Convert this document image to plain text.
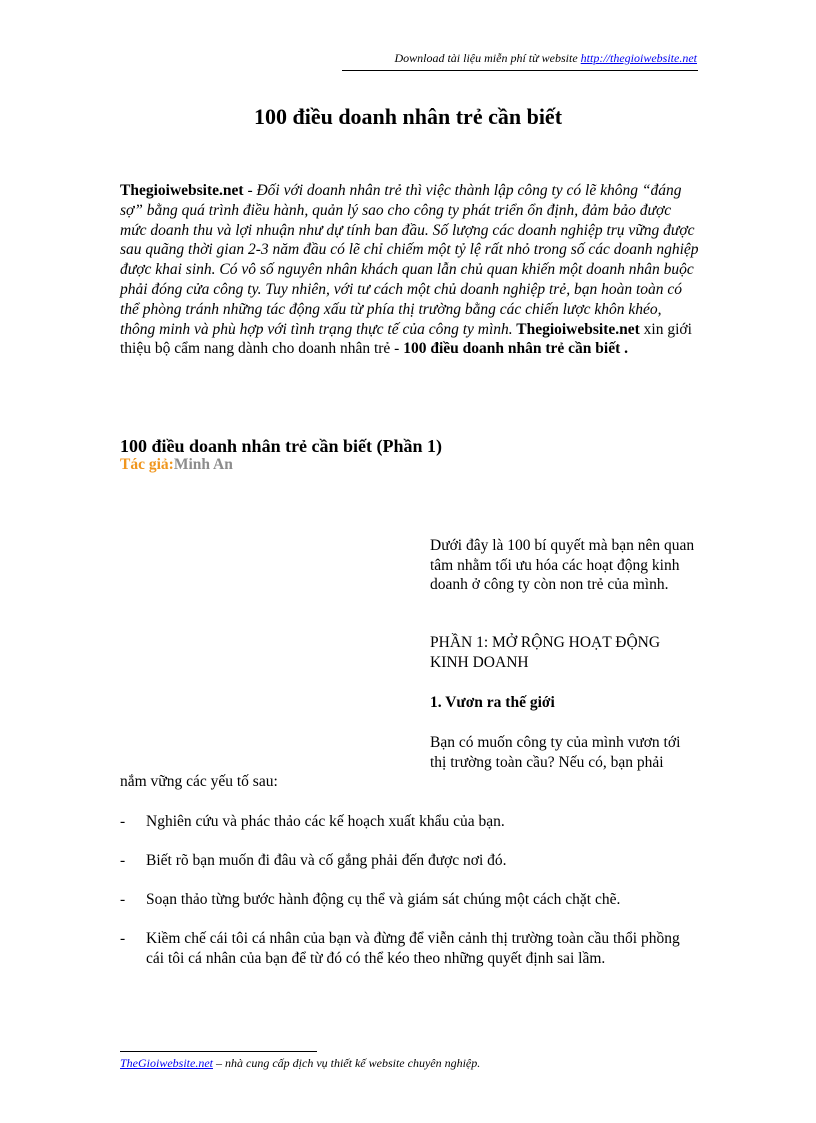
Download tài liệu miễn phí từ website http://thegioiwebsite.net
100 điều doanh nhân trẻ cần biết

Thegioiwebsite.net - Đối với doanh nhân trẻ thì việc thành lập công ty có lẽ không “đáng sợ” bằng quá trình điều hành, quản lý sao cho công ty phát triển ổn định, đảm bảo được mức doanh thu và lợi nhuận như dự tính ban đầu. Số lượng các doanh nghiệp trụ vững được sau quãng thời gian 2-3 năm đầu có lẽ chỉ chiếm một tỷ lệ rất nhỏ trong số các doanh nghiệp được khai sinh. Có vô số nguyên nhân khách quan lẫn chủ quan khiến một doanh nhân buộc phải đóng cửa công ty. Tuy nhiên, với tư cách một chủ doanh nghiệp trẻ, bạn hoàn toàn có thể phòng tránh những tác động xấu từ phía thị trường bằng các chiến lược khôn khéo, thông minh và phù hợp với tình trạng thực tế của công ty mình. Thegioiwebsite.net xin giới thiệu bộ cẩm nang dành cho doanh nhân trẻ - 100 điều doanh nhân trẻ cần biết .

100 điều doanh nhân trẻ cần biết (Phần 1)
Tác giả:Minh An

Dưới đây là 100 bí quyết mà bạn nên quan tâm nhằm tối ưu hóa các hoạt động kinh doanh ở công ty còn non trẻ của mình.

PHẦN 1: MỞ RỘNG HOẠT ĐỘNG KINH DOANH

1. Vươn ra thế giới

Bạn có muốn công ty của mình vươn tới thị trường toàn cầu? Nếu có, bạn phải

nắm vững các yếu tố sau:
- Nghiên cứu và phác thảo các kế hoạch xuất khẩu của bạn.
- Biết rõ bạn muốn đi đâu và cố gắng phải đến được nơi đó.
- Soạn thảo từng bước hành động cụ thể và giám sát chúng một cách chặt chẽ.
- Kiềm chế cái tôi cá nhân của bạn và đừng để viễn cảnh thị trường toàn cầu thổi phồng cái tôi cá nhân của bạn để từ đó có thể kéo theo những quyết định sai lầm.
TheGioiwebsite.net – nhà cung cấp dịch vụ thiết kế website chuyên nghiệp.
